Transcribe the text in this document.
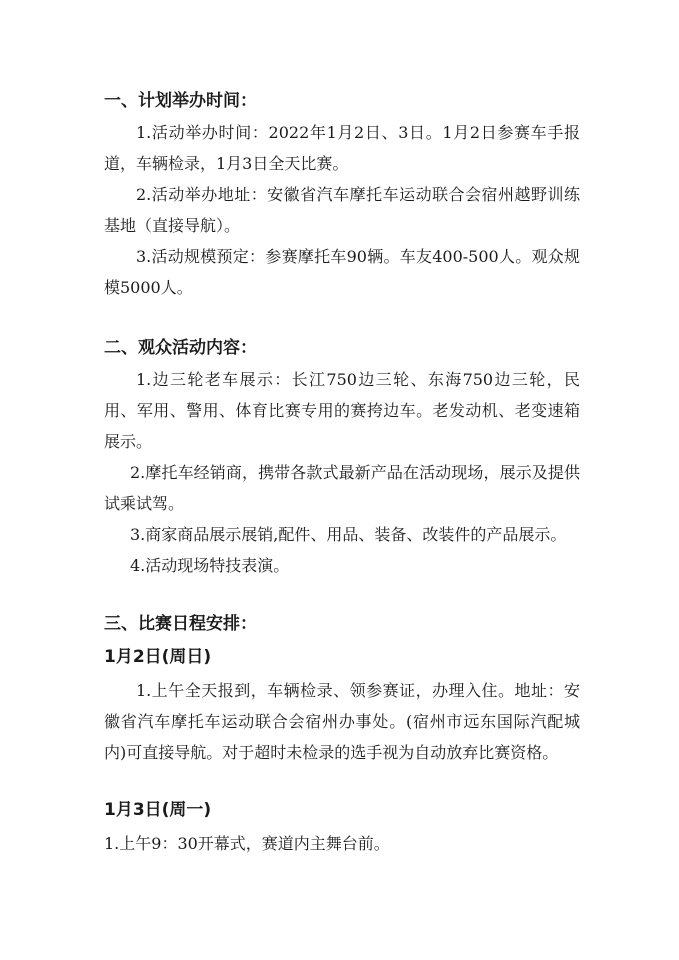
一、计划举办时间：
1.活动举办时间：2022年1月2日、3日。1月2日参赛车手报道，车辆检录，1月3日全天比赛。
2.活动举办地址：安徽省汽车摩托车运动联合会宿州越野训练基地（直接导航）。
3.活动规模预定：参赛摩托车90辆。车友400-500人。观众规模5000人。
二、观众活动内容：
1.边三轮老车展示：长江750边三轮、东海750边三轮，民用、军用、警用、体育比赛专用的赛挎边车。老发动机、老变速箱展示。
2.摩托车经销商，携带各款式最新产品在活动现场，展示及提供试乘试驾。
3.商家商品展示展销,配件、用品、装备、改装件的产品展示。
4.活动现场特技表演。
三、比赛日程安排：
1月2日(周日)
1.上午全天报到，车辆检录、领参赛证，办理入住。地址：安徽省汽车摩托车运动联合会宿州办事处。(宿州市远东国际汽配城内)可直接导航。对于超时未检录的选手视为自动放弃比赛资格。
1月3日(周一)
1.上午9：30开幕式，赛道内主舞台前。
